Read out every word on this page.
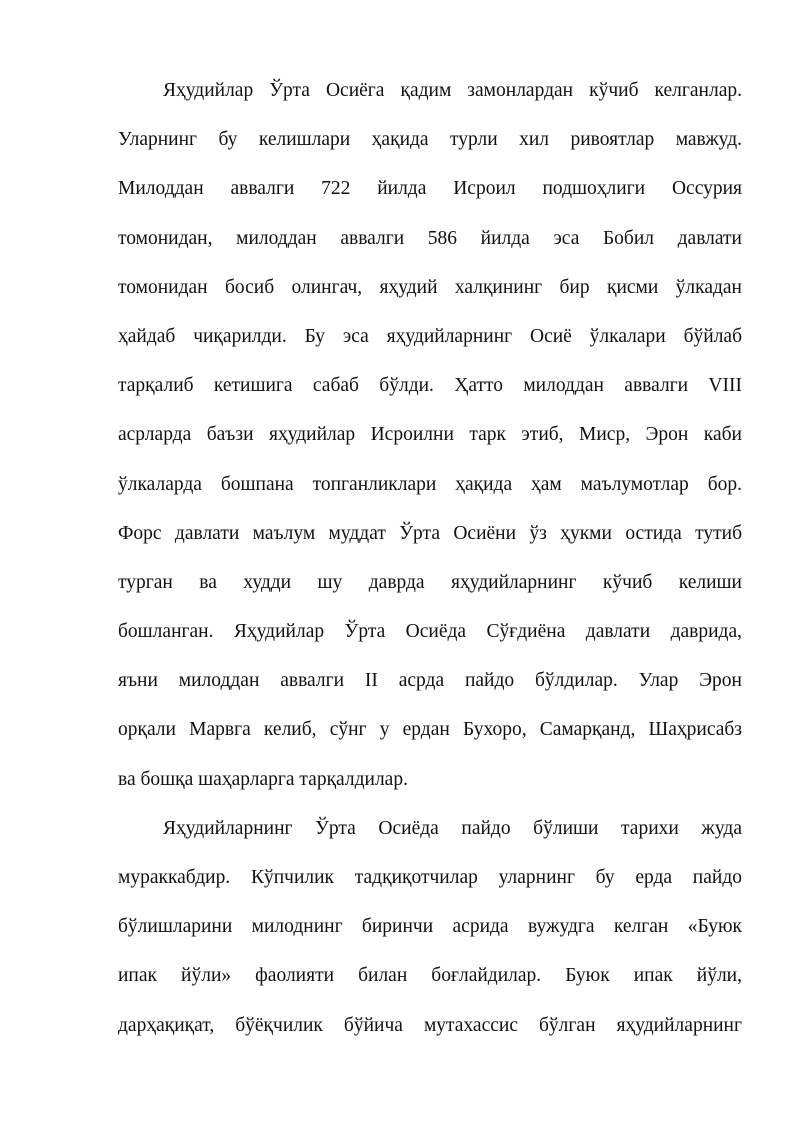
Яҳудийлар Ўрта Осиёга қадим замонлардан кўчиб келганлар.
Уларнинг бу келишлари ҳақида турли хил ривоятлар мавжуд.
Милоддан аввалги 722 йилда Исроил подшоҳлиги Оссурия
томонидан, милоддан аввалги 586 йилда эса Бобил давлати
томонидан босиб олингач, яҳудий халқининг бир қисми ўлкадан
ҳайдаб чиқарилди. Бу эса яҳудийларнинг Осиё ўлкалари бўйлаб
тарқалиб кетишига сабаб бўлди. Ҳатто милоддан аввалги VIII
асрларда баъзи яҳудийлар Исроилни тарк этиб, Миср, Эрон каби
ўлкаларда бошпана топганликлари ҳақида ҳам маълумотлар бор.
Форс давлати маълум муддат Ўрта Осиёни ўз ҳукми остида тутиб
турган ва худди шу даврда яҳудийларнинг кўчиб келиши
бошланган. Яҳудийлар Ўрта Осиёда Сўғдиёна давлати даврида,
яъни милоддан аввалги II асрда пайдо бўлдилар. Улар Эрон
орқали Марвга келиб, сўнг у ердан Бухоро, Самарқанд, Шаҳрисабз
ва бошқа шаҳарларга тарқалдилар.
Яҳудийларнинг Ўрта Осиёда пайдо бўлиши тарихи жуда
мураккабдир. Кўпчилик тадқиқотчилар уларнинг бу ерда пайдо
бўлишларини милоднинг биринчи асрида вужудга келган «Буюк
ипак йўли» фаолияти билан боғлайдилар. Буюк ипак йўли,
дарҳақиқат, бўёқчилик бўйича мутахассис бўлган яҳудийларнинг
